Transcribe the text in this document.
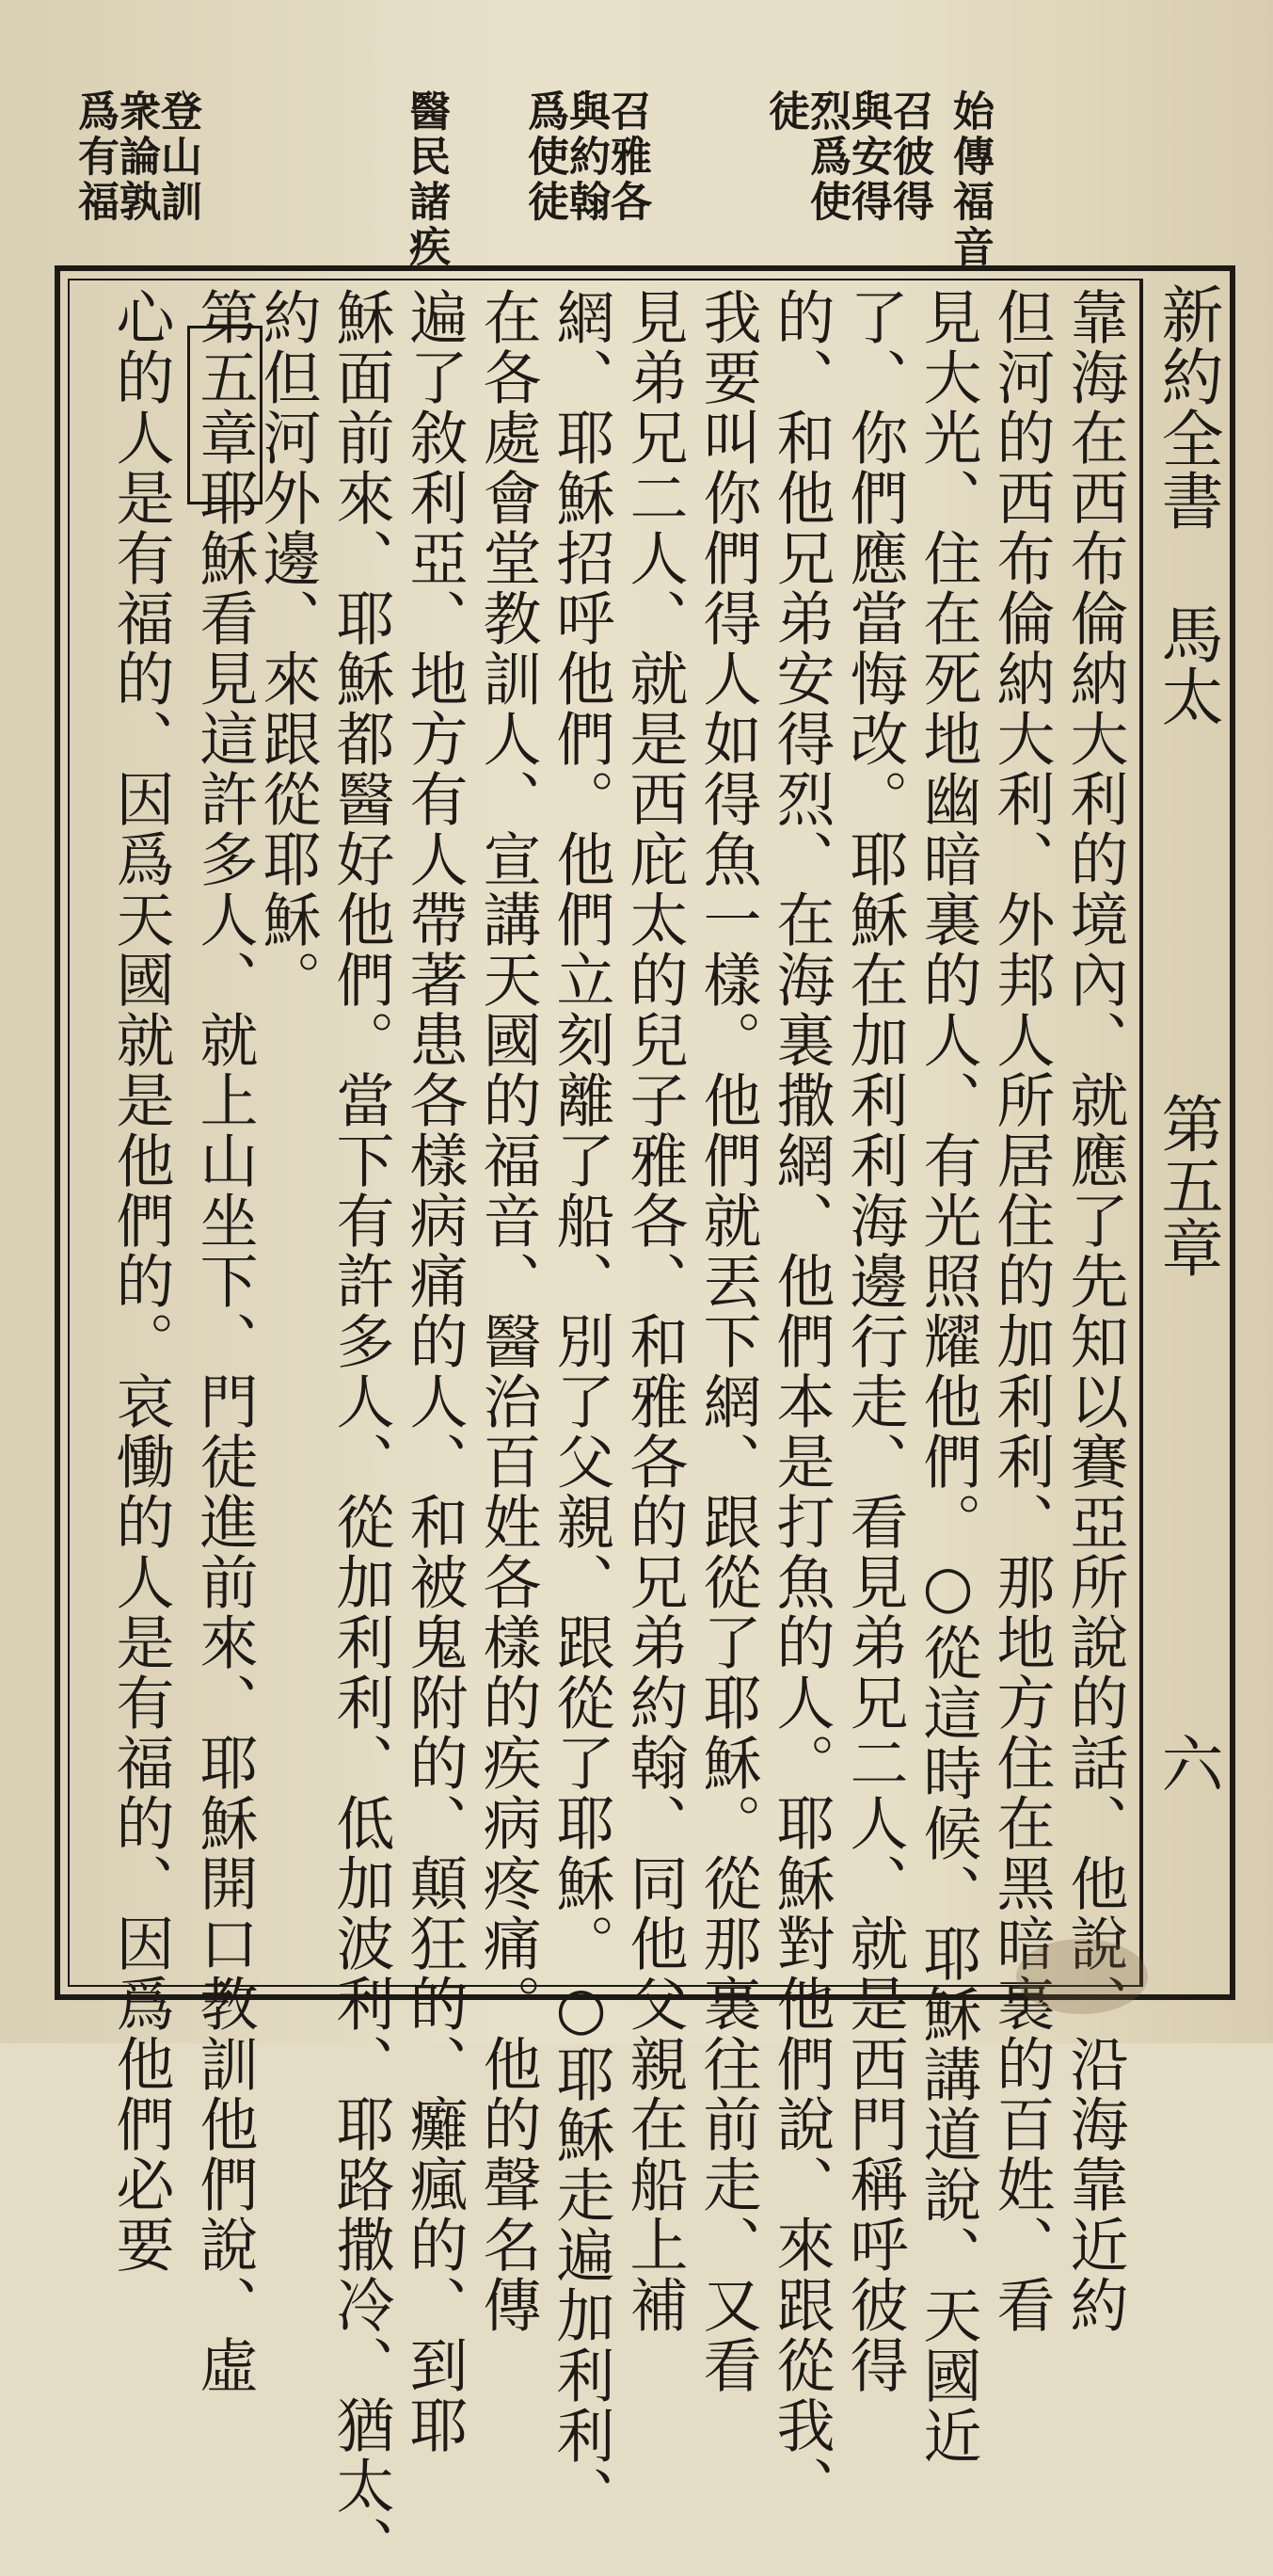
始傳福音
召彼得與安得烈爲使徒
召雅各與約翰爲使徒
醫民諸疾
登山訓衆論孰爲有福
新約全書
馬太
第五章
六
靠海在西布倫納大利的境內、就應了先知以賽亞所說的話、他說、沿海靠近約
但河的西布倫納大利、外邦人所居住的加利利、那地方住在黑暗裏的百姓、看
見大光、住在死地幽暗裏的人、有光照耀他們。○從這時候、耶穌講道說、天國近
了、你們應當悔改。耶穌在加利利海邊行走、看見弟兄二人、就是西門稱呼彼得
的、和他兄弟安得烈、在海裏撒網、他們本是打魚的人。耶穌對他們說、來跟從我、
我要叫你們得人如得魚一樣。他們就丟下網、跟從了耶穌。從那裏往前走、又看
見弟兄二人、就是西庇太的兒子雅各、和雅各的兄弟約翰、同他父親在船上補
網、耶穌招呼他們。他們立刻離了船、別了父親、跟從了耶穌。○耶穌走遍加利利、
在各處會堂教訓人、宣講天國的福音、醫治百姓各樣的疾病疼痛。他的聲名傳
遍了敘利亞、地方有人帶著患各樣病痛的人、和被鬼附的、顛狂的、癱瘋的、到耶
穌面前來、耶穌都醫好他們。當下有許多人、從加利利、低加波利、耶路撒冷、猶太、
約但河外邊、來跟從耶穌。
第五章耶穌看見這許多人、就上山坐下、門徒進前來、耶穌開口教訓他們說、虛
心的人是有福的、因爲天國就是他們的。哀慟的人是有福的、因爲他們必要
